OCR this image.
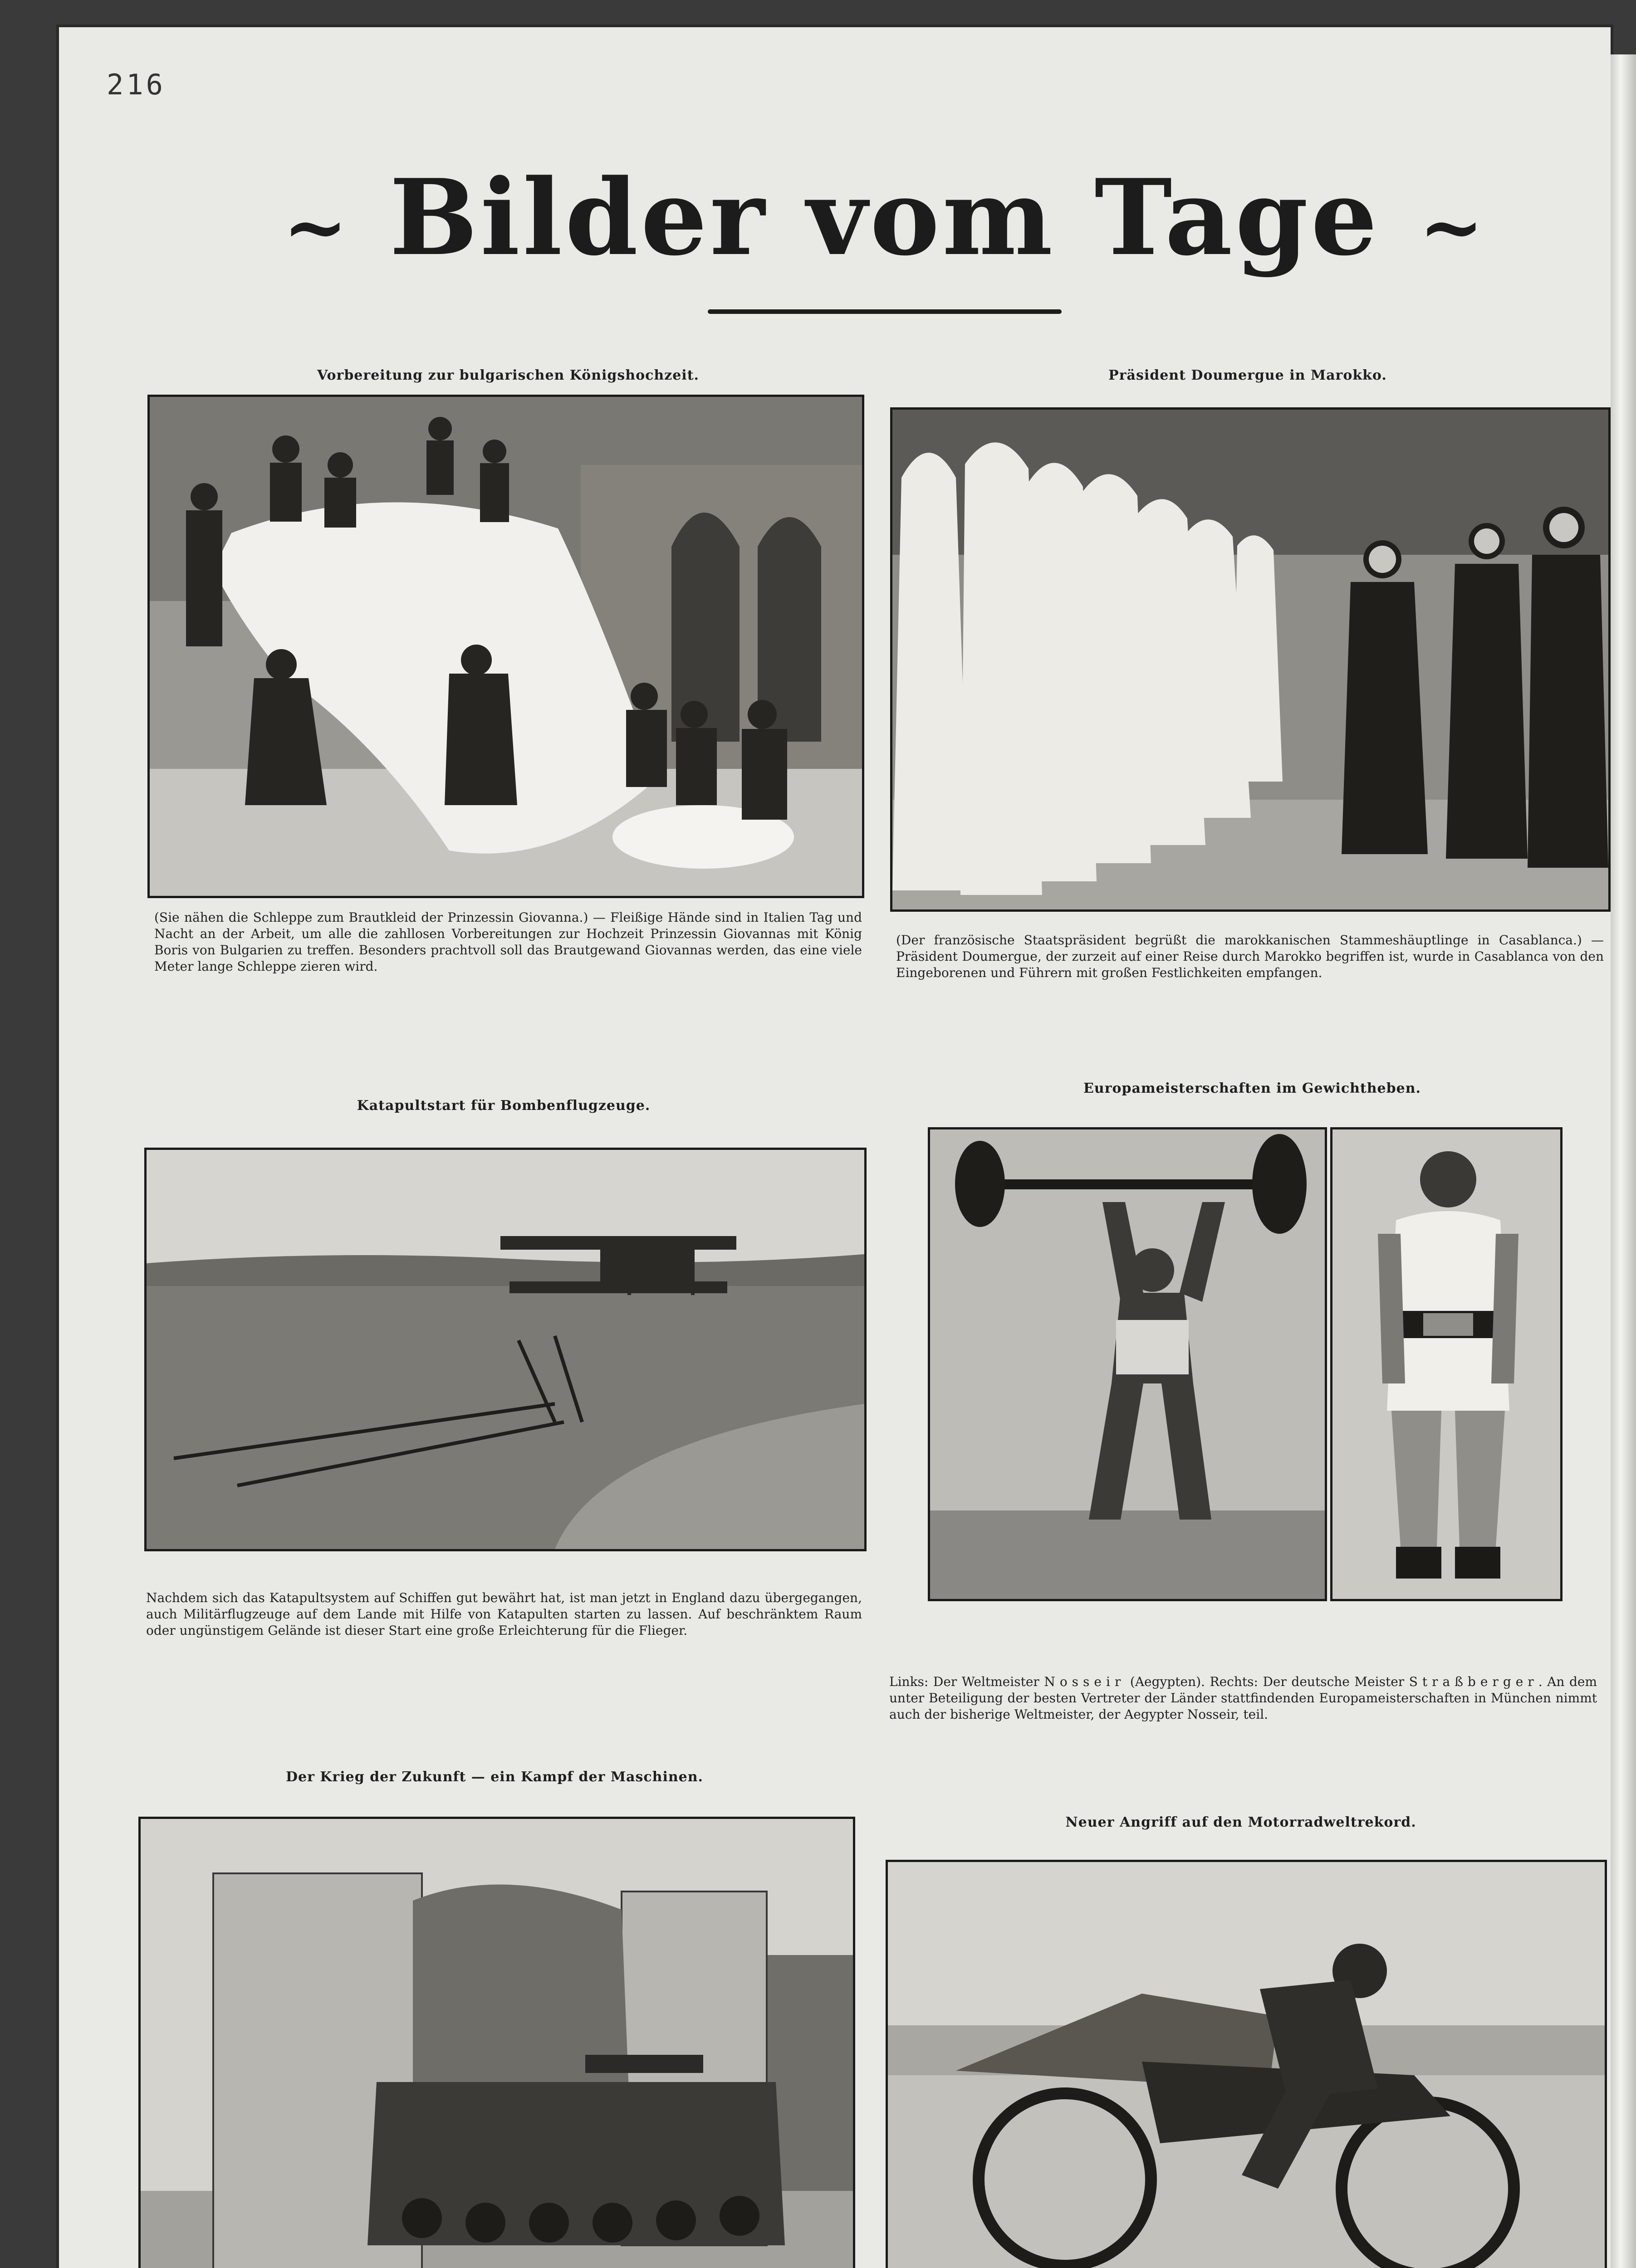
216
~ Bilder vom Tage ~
Vorbereitung zur bulgarischen Königshochzeit.
(Sie nähen die Schleppe zum Brautkleid der Prinzessin Giovanna.) — Fleißige Hände sind in Italien Tag und Nacht an der Arbeit, um alle die zahllosen Vorbereitungen zur Hochzeit Prinzessin Giovannas mit König Boris von Bulgarien zu treffen. Besonders prachtvoll soll das Brautgewand Giovannas werden, das eine viele Meter lange Schleppe zieren wird.
Präsident Doumergue in Marokko.
(Der französische Staatspräsident begrüßt die marokkanischen Stammeshäuptlinge in Casablanca.) — Präsident Doumergue, der zurzeit auf einer Reise durch Marokko begriffen ist, wurde in Casablanca von den Eingeborenen und Führern mit großen Festlichkeiten empfangen.
Katapultstart für Bombenflugzeuge.
Nachdem sich das Katapultsystem auf Schiffen gut bewährt hat, ist man jetzt in England dazu übergegangen, auch Militärflugzeuge auf dem Lande mit Hilfe von Katapulten starten zu lassen. Auf beschränktem Raum oder ungünstigem Gelände ist dieser Start eine große Erleichterung für die Flieger.
Europameisterschaften im Gewichtheben.
Links: Der Weltmeister Nosseir (Aegypten). Rechts: Der deutsche Meister Straßberger. An dem unter Beteiligung der besten Vertreter der Länder stattfindenden Europameisterschaften in München nimmt auch der bisherige Weltmeister, der Aegypter Nosseir, teil.
Der Krieg der Zukunft — ein Kampf der Maschinen.
Neuer Angriff auf den Motorradweltrekord.
